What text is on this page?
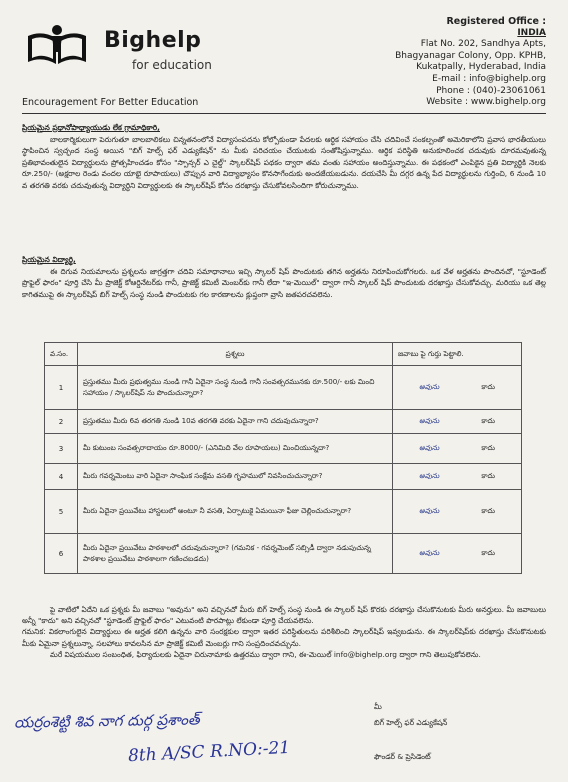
Bighelp
for education
Encouragement For Better Education
Registered Office :
INDIA
Flat No. 202, Sandhya Apts,
Bhagyanagar Colony, Opp. KPHB,
Kukatpally, Hyderabad, India
E-mail : info@bighelp.org
Phone : (040)-23061061
Website : www.bighelp.org
ప్రియమైన ప్రధానోపాధ్యాయుడు లేక గ్రామాధికారి,
బాలకార్మికులుగా పెరుగుతూ బాలబాలికలు చిన్నతనంలోనే విద్యాసంపదను కోల్పోకుండా పేదలకు ఆర్థిక సహాయం చేసి చదివించే సంకల్పంతో అమెరికాలోని ప్రవాస భారతీయులు స్థాపించిన స్వచ్ఛంద సంస్థ అయిన "బిగ్ హెల్ప్ ఫర్ ఎడ్యుకేషన్" ను మీకు పరిచయం చేయుటకు సంతోషిస్తున్నాము. ఆర్థిక పరిస్థితి అనుకూలించక చదువుకు దూరమవుతున్న ప్రతిభావంతులైన విద్యార్థులను ప్రోత్సహించడం కోసం "స్పాన్సర్ ఎ చైల్డ్" స్కాలర్‌షిప్ పథకం ద్వారా తమ వంతు సహాయం అందిస్తున్నాము. ఈ పథకంలో ఎంపికైన ప్రతి విద్యార్థికి నెలకు రూ.250/- (అక్షరాల రెండు వందల యాభై రూపాయలు) చొప్పున వారి విద్యాభ్యాసం కొనసాగేందుకు అందజేయబడును. దయచేసి మీ దగ్గర ఉన్న పేద విద్యార్థులను గుర్తించి, 6 నుండి 10 వ తరగతి వరకు చదువుతున్న విద్యార్థిని విద్యార్థులకు ఈ స్కాలర్‌షిప్ కోసం దరఖాస్తు చేసుకోవలసిందిగా కోరుచున్నాము.
ప్రియమైన విద్యార్థి,
ఈ దిగువ నియమాలను ప్రశ్నలను జాగ్రత్తగా చదివి సమాధానాలు ఇచ్చి స్కాలర్ షిప్ పొందుటకు తగిన అర్హతను నిరూపించుకోగలరు. ఒక వేళ అర్హతను పొందినచో, "స్టూడెంట్ ప్రొఫైల్ ఫారం" పూర్తి చేసి మీ ప్రాజెక్ట్ కోఆర్డినేటర్‌కు గానీ, ప్రాజెక్ట్ కమిటీ మెంబర్‌కు గానీ లేదా "ఇ-మెయిల్" ద్వారా గానీ స్కాలర్ షిప్ పొందుటకు దరఖాస్తు చేసుకోవచ్చు. మరియు ఒక తెల్ల కాగితముపై ఈ స్కాలర్‌షిప్ బిగ్ హెల్ప్ సంస్థ నుండి పొందుటకు గల కారణాలను క్లుప్తంగా వ్రాసి జతపరచవలెను.
వ.సం.	ప్రశ్నలు	జవాబు పై గుర్తు పెట్టాలి.
1	ప్రస్తుతము మీరు ప్రభుత్వము నుండి గానీ ఏదైనా సంస్థ నుండి గానీ సంవత్సరమునకు రూ.500/- లకు మించి సహాయం / స్కాలర్‌షిప్ ను పొందుచున్నారా?	అవును కాదు

2	ప్రస్తుతము మీరు 6వ తరగతి నుండి 10వ తరగతి వరకు ఏదైనా గాని చదువుచున్నారా?	అవును కాదు

3	మీ కుటుంబ సంవత్సరాదాయం రూ.8000/- (ఎనిమిది వేల రూపాయలు) మించియున్నదా?	అవును కాదు

4	మీరు గవర్నమెంటు వారి ఏదైనా సాంఘిక సంక్షేమ వసతి గృహములో నివసించుచున్నారా?	అవును కాదు

5	మీరు ఏదైనా ప్రయివేటు హాస్టలులో అంటూ నీ వసతి, ఏర్పాటుకై ఏమయినా ఫీజు చెల్లించుచున్నారా?	అవును కాదు

6	మీరు ఏదైనా ప్రయివేటు పాఠశాలలో చదువుచున్నారా? (గమనిక - గవర్నమెంట్ సబ్సిడీ ద్వారా నడుపుచున్న పాఠశాల ప్రయివేటు పాఠశాలగా గణించబడదు)	అవును కాదు
పై వాటిలో ఏదేని ఒక ప్రశ్నకు మీ జవాబు "అవును" అని వచ్చినచో మీరు బిగ్ హెల్ప్ సంస్థ నుండి ఈ స్కాలర్ షిప్ కొరకు దరఖాస్తు చేసుకొనుటకు మీరు అనర్హులు. మీ జవాబులు అన్నీ "కాదు" అని వచ్చినచో "స్టూడెంట్ ప్రొఫైల్ ఫారం" ఎటువంటి పొరపాట్లు లేకుండా పూర్తి చేయవలెను.
గమనిక: వికలాంగులైన విద్యార్థులు ఈ అర్హత కలిగి ఉన్నను వారి సంరక్షకుల ద్వారా ఇతర పరిస్థితులను పరిశీలించి స్కాలర్‌షిప్ ఇవ్వబడును. ఈ స్కాలర్‌షిప్‌కు దరఖాస్తు చేసుకొనుటకు మీకు ఏమైనా ప్రశ్నలున్నా, సలహాలు కావలసిన మా ప్రాజెక్ట్ కమిటీ మెంబర్లు గాని సంప్రదించవచ్చును.
మరే విషయముల సంబంధిత, ఫిర్యాదులకు ఏదైనా చిరునామాకు ఉత్తరము ద్వారా గాని, ఈ-మెయిల్ info@bighelp.org ద్వారా గాని తెలుపుకోవలెను.
మీ
బిగ్ హెల్ప్ ఫర్ ఎడ్యుకేషన్
ఫౌండర్ & ప్రెసిడెంట్
యర్రంశెట్టి శివ నాగ దుర్గ ప్రశాంత్
8th A/SC R.NO:-21
